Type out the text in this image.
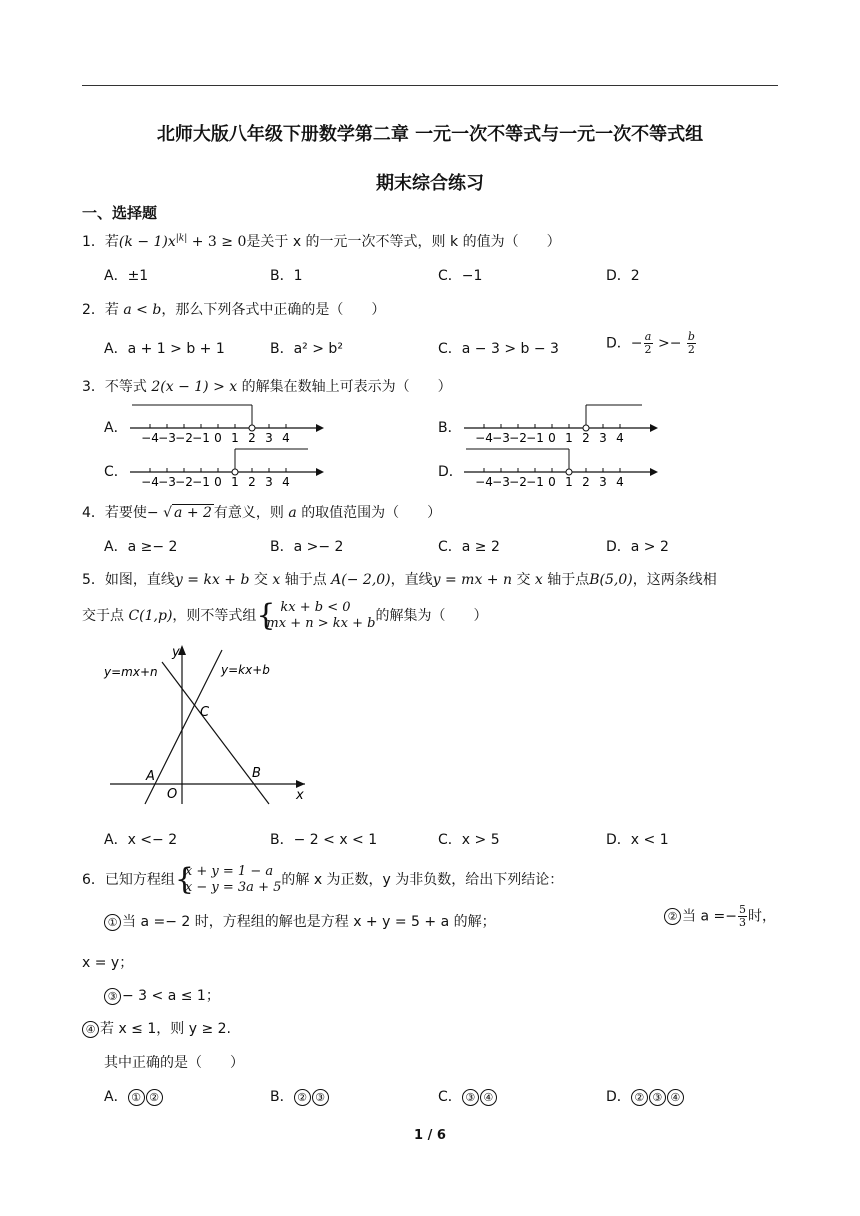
北师大版八年级下册数学第二章 一元一次不等式与一元一次不等式组
期末综合练习
一、选择题
1．若$(k - 1)x^{|k|} + 3 \ge 0$是关于 x 的一元一次不等式，则 k 的值为（　　）
A．±1	B．1	C．−1	D．2
2．若 a < b，那么下列各式中正确的是（　　）
A．a + 1 > b + 1	B．a² > b²	C．a − 3 > b − 3	D．− $\frac{a}{2} >- \frac{b}{2}$
3．不等式 2(x − 1) > x 的解集在数轴上可表示为（　　）
A．	B．
C．	D．
−4 −3 −2 −1 0 1 2 3 4	−4 −3 −2 −1 0 1 2 3 4
−4 −3 −2 −1 0 1 2 3 4	−4 −3 −2 −1 0 1 2 3 4
4．若要使− √ a + 2 有意义，则 a 的取值范围为（　　）
A．a ≥− 2	B．a >− 2	C．a ≥ 2	D．a > 2
5．如图，直线y = kx + b 交 x 轴于点 A(− 2,0)，直线y = mx + n 交 x 轴于点B(5,0)，这两条线相
交于点 C(1,p)，则不等式组 { kx + b < 0
mx + n > kx + b 的解集为（　　）
y
x
O
y=mx+n	y=kx+b
A	B
C
A．x <− 2	B．− 2 < x < 1	C．x > 5	D．x < 1
6．已知方程组 {
x + y = 1 − a
x − y = 3a + 5 的解 x 为正数，y 为非负数，给出下列结论：
① 当 a =− 2 时，方程组的解也是方程 x + y = 5 + a 的解；	② 当 $a =- \frac{5}{3}$ 时，
x = y；
③ − 3 < a ≤ 1；
④ 若 x ≤ 1，则 y ≥ 2.
其中正确的是（　　）
A． ① ②	B． ② ③	C． ③ ④	D． ② ③ ④
1 / 6
